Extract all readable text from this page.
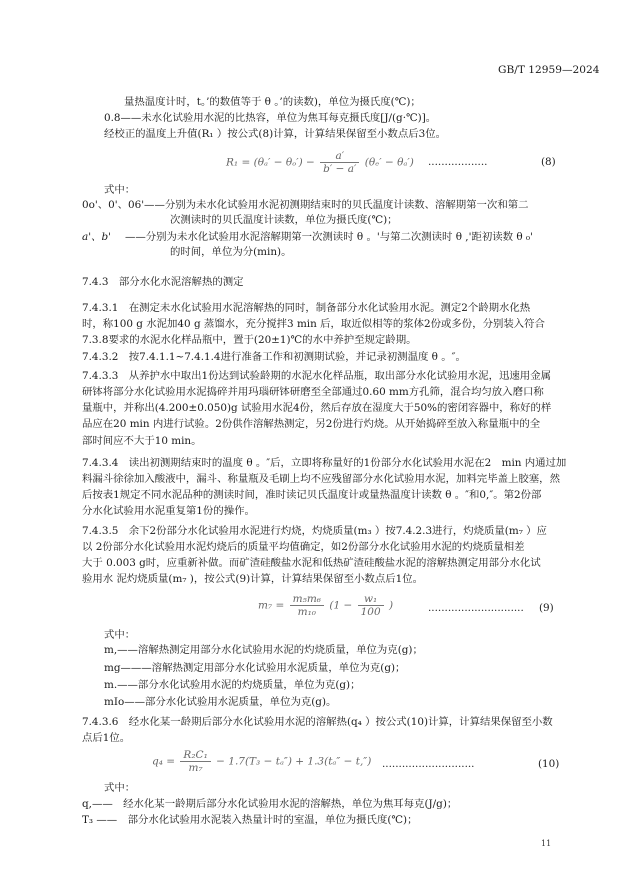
GB/T 12959—2024
量热温度计时，t。’的数值等于 θ 。’的读数)，单位为摄氏度(℃)；
0.8——未水化试验用水泥的比热容，单位为焦耳每克摄氏度[J/(g·℃)]。
经校正的温度上升值(R₁ ）按公式(8)计算，计算结果保留至小数点后3位。
$R_1 = (\theta_a' - \theta_o') - \frac{a'}{b' - a'} (\theta_e' - \theta_a')$ ..................	(8)
式中：
0o'、0'、06'——分别为未水化试验用水泥初测期结束时的贝氏温度计读数、溶解期第一次和第二
次测读时的贝氏温度计读数，单位为摄氏度(℃)；
a'、b' ——分别为未水化试验用水泥溶解期第一次测读时 θ 。'与第二次测读时 θ ,'距初读数 θ ₀'
的时间，单位为分(min)。
7.4.3　部分水化水泥溶解热的测定
7.4.3.1　在测定未水化试验用水泥溶解热的同时，制备部分水化试验用水泥。测定2个龄期水化热
时，称100 g 水泥加40 g 蒸馏水，充分搅拌3 min 后，取近似相等的浆体2份或多份，分别装入符合
7.3.8要求的水泥水化样品瓶中，置于(20±1)℃的水中养护至规定龄期。
7.4.3.2　按7.4.1.1~7.4.1.4进行准备工作和初测期试验，并记录初测温度 θ 。″。
7.4.3.3　从养护水中取出1份达到试验龄期的水泥水化样品瓶，取出部分水化试验用水泥，迅速用金属
研钵将部分水化试验用水泥捣碎并用玛瑙研钵研磨至全部通过0.60 mm方孔筛，混合均匀放入磨口称
量瓶中，并称出(4.200±0.050)g 试验用水泥4份，然后存放在湿度大于50%的密闭容器中，称好的样
品应在20 min 内进行试验。2份供作溶解热测定，另2份进行灼烧。从开始捣碎至放入称量瓶中的全
部时间应不大于10 min。
7.4.3.4　读出初测期结束时的温度 θ 。″后，立即将称量好的1份部分水化试验用水泥在2　min 内通过加
料漏斗徐徐加入酸液中，漏斗、称量瓶及毛刷上均不应残留部分水化试验用水泥，加料完毕盖上胶塞，然
后按表1规定不同水泥品种的测读时间，准时读记贝氏温度计或量热温度计读数 θ 。″和0,″。第2份部
分水化试验用水泥重复第1份的操作。
7.4.3.5　余下2份部分水化试验用水泥进行灼烧，灼烧质量(m₃ ）按7.4.2.3进行，灼烧质量(m₇ ）应
以 2份部分水化试验用水泥灼烧后的质量平均值确定，如2份部分水化试验用水泥的灼烧质量相差
大于 0.003 g时，应重新补做。而矿渣硅酸盐水泥和低热矿渣硅酸盐水泥的溶解热测定用部分水化试
验用水 泥灼烧质量(m₇ )，按公式(9)计算，计算结果保留至小数点后1位。
$m_7 = \frac{\text{m₅m₆}}{\text{m₁₀}} (1 - \frac{\text{w₁}}{100}$ )	............................. (9)
式中：
m,——溶解热测定用部分水化试验用水泥的灼烧质量，单位为克(g)；
mg———溶解热测定用部分水化试验用水泥质量，单位为克(g)；
m.——部分水化试验用水泥的灼烧质量，单位为克(g)；
mIo——部分水化试验用水泥质量，单位为克(g)。
7.4.3.6　经水化某一龄期后部分水化试验用水泥的溶解热(q₄ ）按公式(10)计算，计算结果保留至小数
点后1位。
$q_4 = \frac{\text{R₂C₁}}{\text{m₇}} - 1.7(T_3 - t_a'') + 1.3(t_a'' - t,'')$ ............................	(10)
式中：
q,——　经水化某一龄期后部分水化试验用水泥的溶解热，单位为焦耳每克(J/g)；
T₃ ——　部分水化试验用水泥装入热量计时的室温，单位为摄氏度(℃)；
11
